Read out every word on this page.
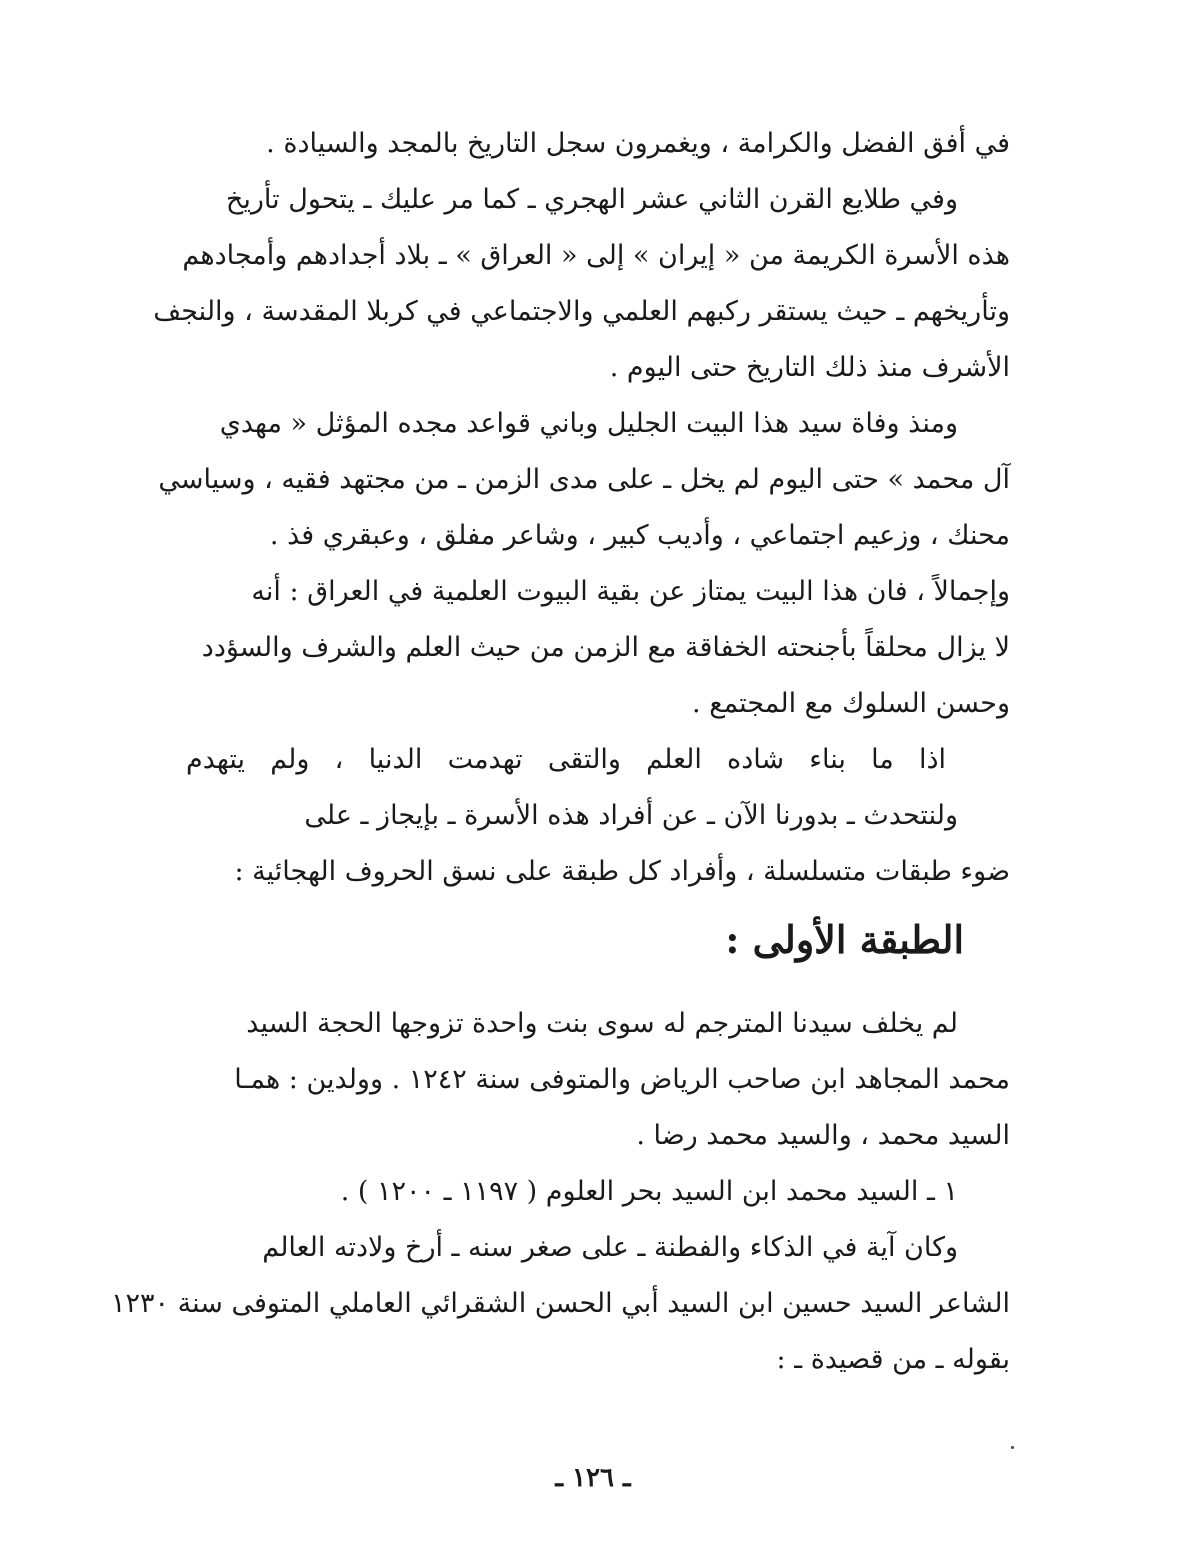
في أفق الفضل والكرامة ، ويغمرون سجل التاريخ بالمجد والسيادة .
وفي طلايع القرن الثاني عشر الهجري ـ كما مر عليك ـ يتحول تأريخ
هذه الأسرة الكريمة من « إيران » إلى « العراق » ـ بلاد أجدادهم وأمجادهم
وتأريخهم ـ حيث يستقر ركبهم العلمي والاجتماعي في كربلا المقدسة ، والنجف
الأشرف منذ ذلك التاريخ حتى اليوم .
ومنذ وفاة سيد هذا البيت الجليل وباني قواعد مجده المؤثل « مهدي
آل محمد » حتى اليوم لم يخل ـ على مدى الزمن ـ من مجتهد فقيه ، وسياسي
محنك ، وزعيم اجتماعي ، وأديب كبير ، وشاعر مفلق ، وعبقري فذ .
وإجمالاً ، فان هذا البيت يمتاز عن بقية البيوت العلمية في العراق : أنه
لا يزال محلقاً بأجنحته الخفاقة مع الزمن من حيث العلم والشرف والسؤدد
وحسن السلوك مع المجتمع .
اذا ما بناء شاده العلم والتقى تهدمت الدنيا ، ولم يتهدم
ولنتحدث ـ بدورنا الآن ـ عن أفراد هذه الأسرة ـ بإيجاز ـ على
ضوء طبقات متسلسلة ، وأفراد كل طبقة على نسق الحروف الهجائية :
الطبقة الأولى :
لم يخلف سيدنا المترجم له سوى بنت واحدة تزوجها الحجة السيد
محمد المجاهد ابن صاحب الرياض والمتوفى سنة ١٢٤٢ . وولدين : همـا
السيد محمد ، والسيد محمد رضا .
١ ـ السيد محمد ابن السيد بحر العلوم ( ١١٩٧ ـ ١٢٠٠ ) .
وكان آية في الذكاء والفطنة ـ على صغر سنه ـ أرخ ولادته العالم
الشاعر السيد حسين ابن السيد أبي الحسن الشقرائي العاملي المتوفى سنة ١٢٣٠
بقوله ـ من قصيدة ـ :
ـ ١٢٦ ـ
